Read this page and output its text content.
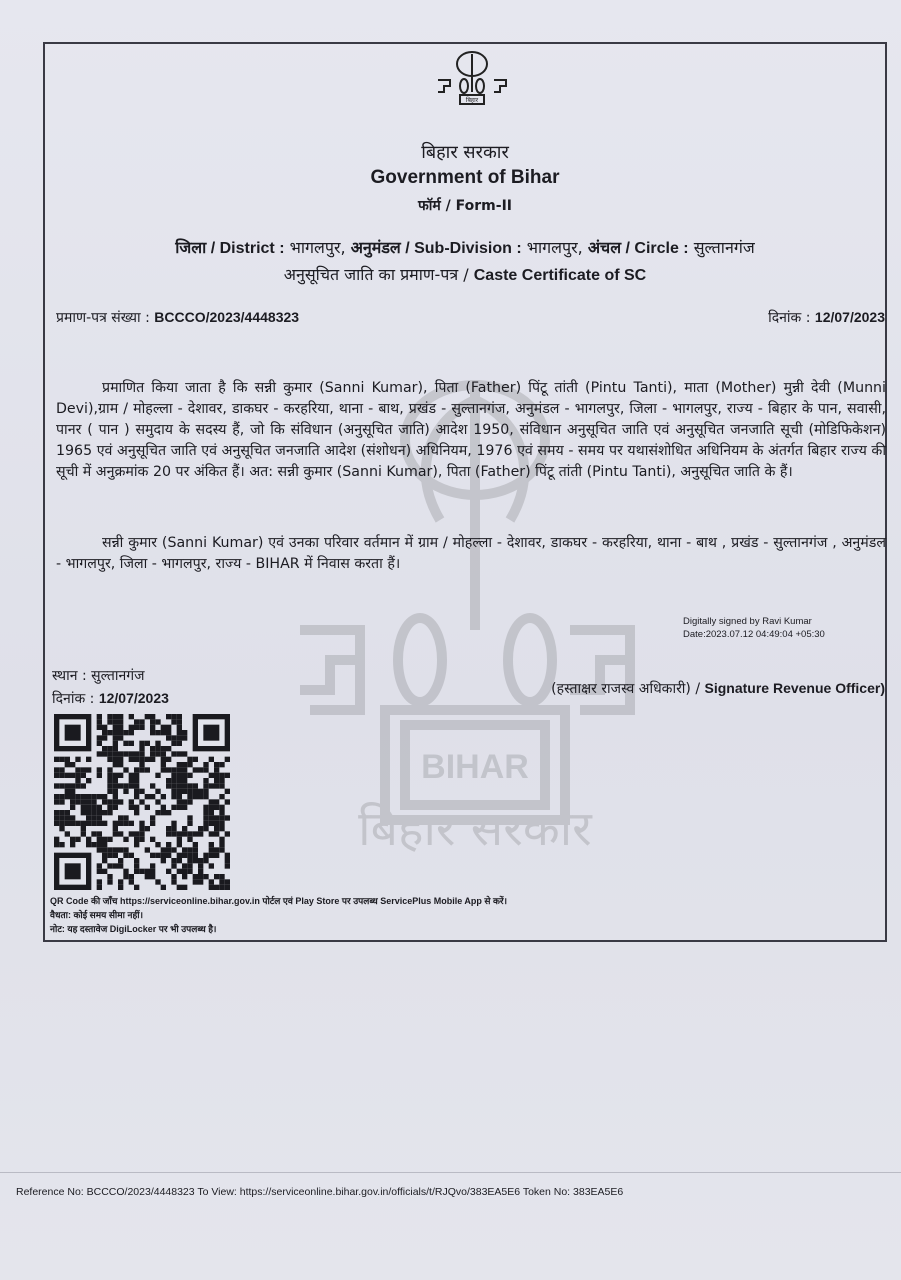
BIHAR
बिहार सरकार
बिहार
बिहार सरकार
Government of Bihar
फॉर्म / Form-II
जिला / District : भागलपुर, अनुमंडल / Sub-Division : भागलपुर, अंचल / Circle : सुल्तानगंज
अनुसूचित जाति का प्रमाण-पत्र / Caste Certificate of SC
प्रमाण-पत्र संख्या : BCCCO/2023/4448323	दिनांक : 12/07/2023
प्रमाणित किया जाता है कि सन्नी कुमार (Sanni Kumar), पिता (Father) पिंटू तांती (Pintu Tanti), माता (Mother) मुन्नी देवी (Munni Devi),ग्राम / मोहल्ला - देशावर, डाकघर - करहरिया, थाना - बाथ, प्रखंड - सुल्तानगंज, अनुमंडल - भागलपुर, जिला - भागलपुर, राज्य - बिहार के पान, सवासी, पानर ( पान ) समुदाय के सदस्य हैं, जो कि संविधान (अनुसूचित जाति) आदेश 1950, संविधान अनुसूचित जाति एवं अनुसूचित जनजाति सूची (मोडिफिकेशन) 1965 एवं अनुसूचित जाति एवं अनुसूचित जनजाति आदेश (संशोधन) अधिनियम, 1976 एवं समय - समय पर यथासंशोधित अधिनियम के अंतर्गत बिहार राज्य की सूची में अनुक्रमांक 20 पर अंकित हैं। अत: सन्नी कुमार (Sanni Kumar), पिता (Father) पिंटू तांती (Pintu Tanti), अनुसूचित जाति के हैं।
सन्नी कुमार (Sanni Kumar) एवं उनका परिवार वर्तमान में ग्राम / मोहल्ला - देशावर, डाकघर - करहरिया, थाना - बाथ , प्रखंड - सुल्तानगंज , अनुमंडल - भागलपुर, जिला - भागलपुर, राज्य - BIHAR में निवास करता हैं।
Digitally signed by Ravi Kumar
Date:2023.07.12 04:49:04 +05:30
स्थान : सुल्तानगंज
दिनांक : 12/07/2023
(हस्ताक्षर राजस्व अधिकारी) / Signature Revenue Officer)
QR Code की जाँच https://serviceonline.bihar.gov.in पोर्टल एवं Play Store पर उपलब्ध ServicePlus Mobile App से करें।
वैधता: कोई समय सीमा नहीं।
नोट: यह दस्तावेज DigiLocker पर भी उपलब्ध है।
Reference No: BCCCO/2023/4448323 To View: https://serviceonline.bihar.gov.in/officials/t/RJQvo/383EA5E6 Token No: 383EA5E6
